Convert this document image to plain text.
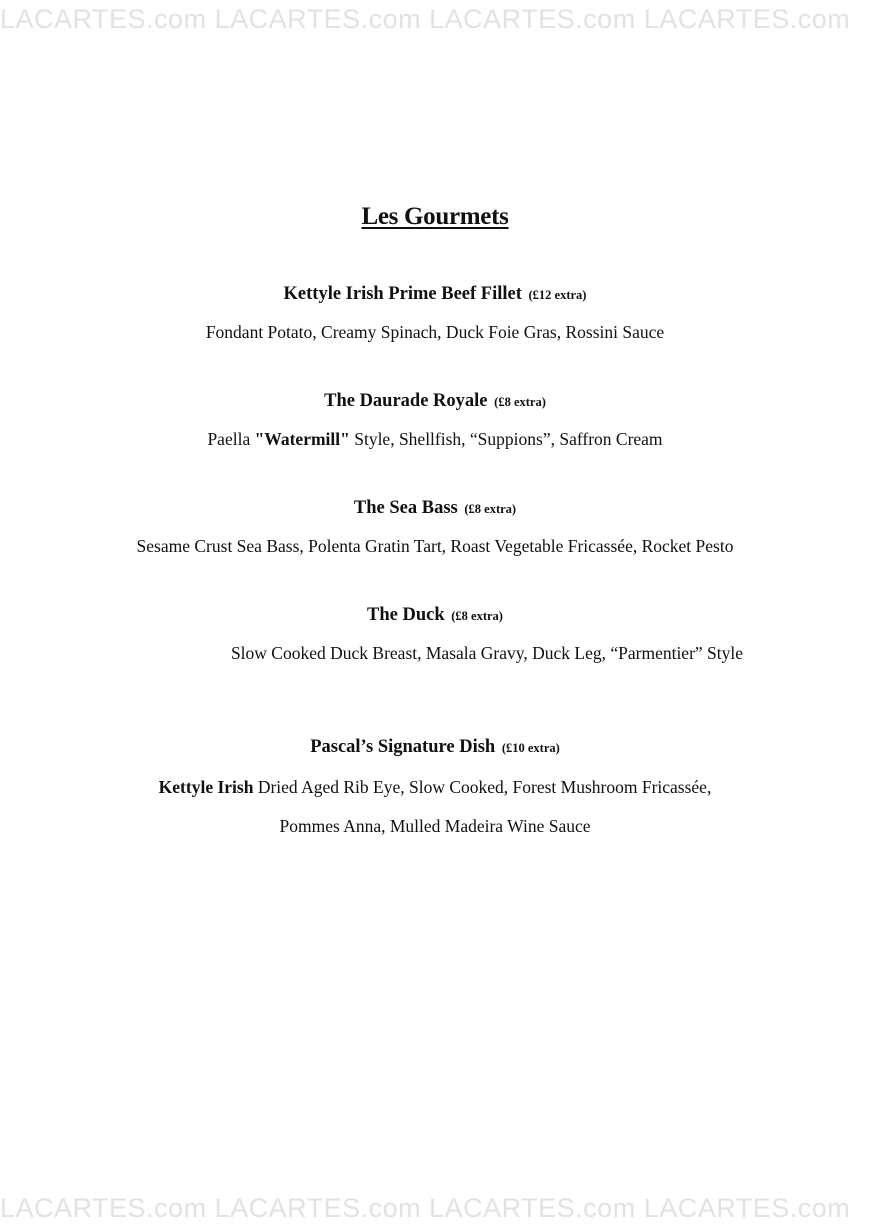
LACARTES.com LACARTES.com LACARTES.com LACARTES.com
Les Gourmets
Kettyle Irish Prime Beef Fillet (£12 extra)
Fondant Potato, Creamy Spinach, Duck Foie Gras, Rossini Sauce
The Daurade Royale (£8 extra)
Paella "Watermill" Style, Shellfish, “Suppions”, Saffron Cream
The Sea Bass (£8 extra)
Sesame Crust Sea Bass, Polenta Gratin Tart, Roast Vegetable Fricassée, Rocket Pesto
The Duck (£8 extra)
Slow Cooked Duck Breast, Masala Gravy, Duck Leg, “Parmentier” Style
Pascal’s Signature Dish (£10 extra)
Kettyle Irish Dried Aged Rib Eye, Slow Cooked, Forest Mushroom Fricassée,
Pommes Anna, Mulled Madeira Wine Sauce
LACARTES.com LACARTES.com LACARTES.com LACARTES.com
